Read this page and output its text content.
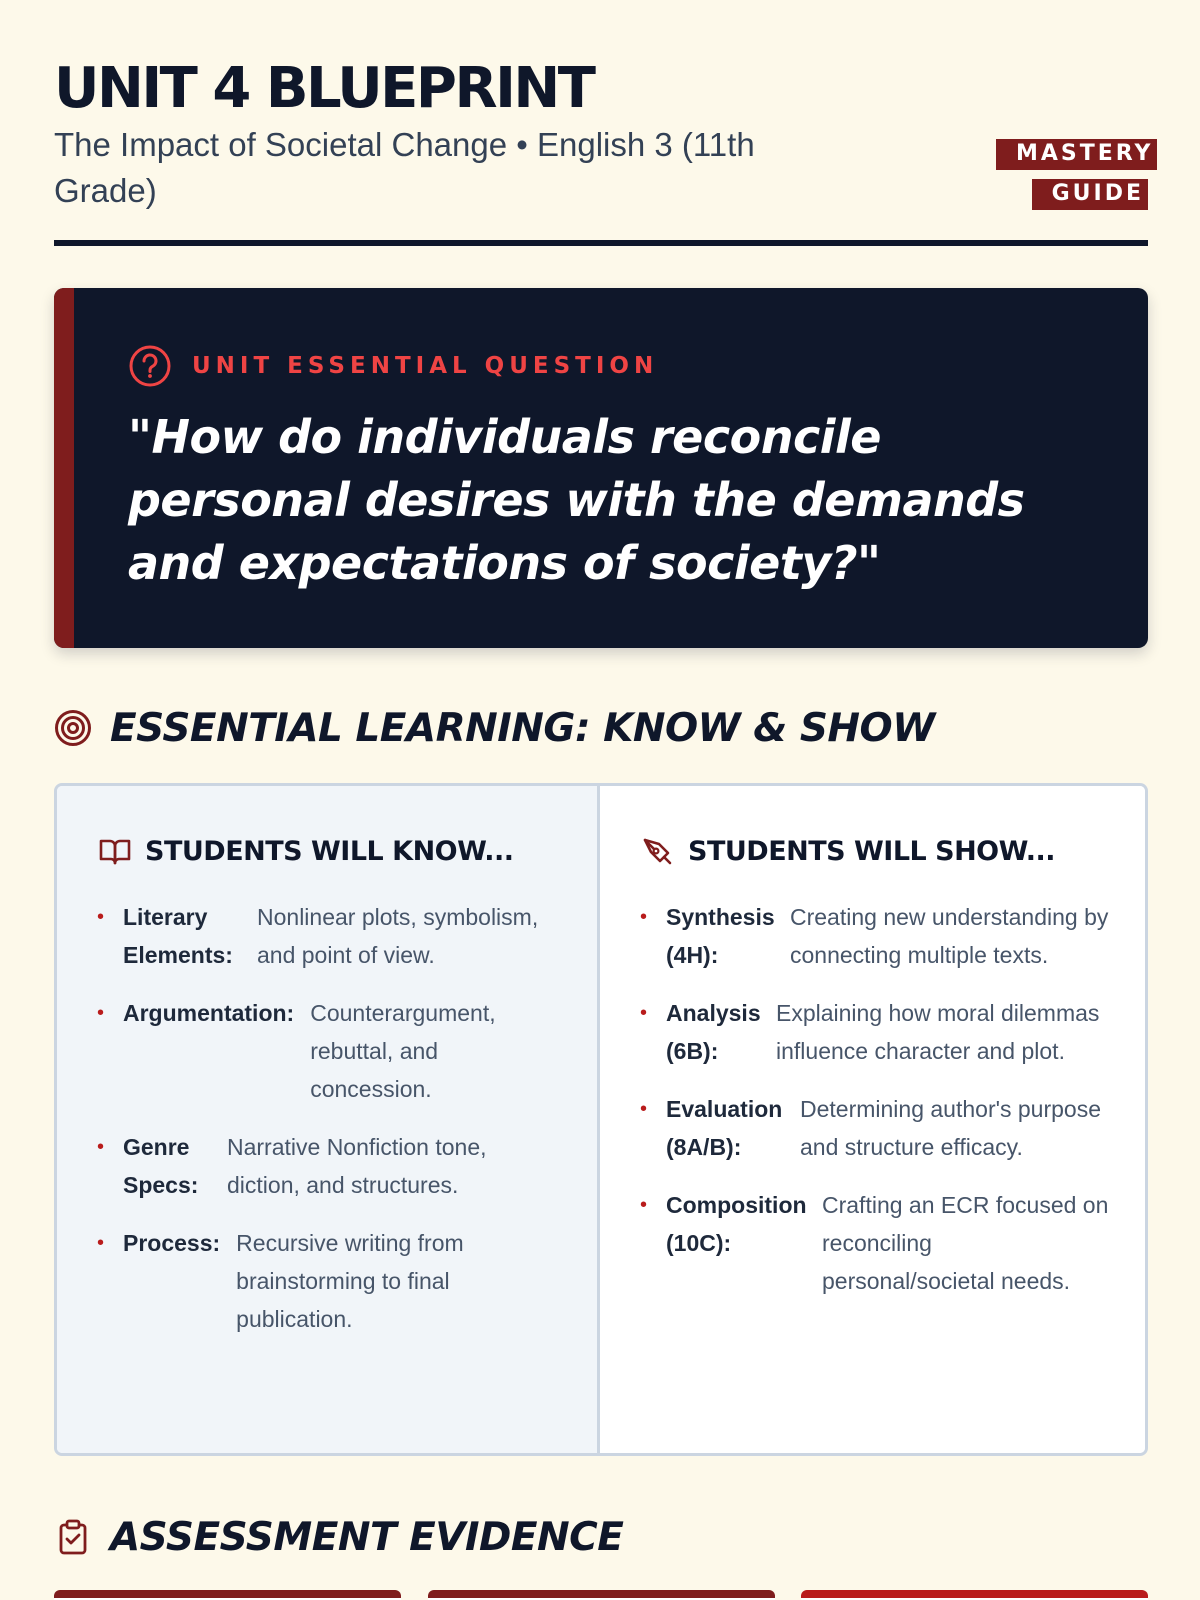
UNIT 4 BLUEPRINT
The Impact of Societal Change • English 3 (11th Grade)
MASTERY
GUIDE
UNIT ESSENTIAL QUESTION
"How do individuals reconcile personal desires with the demands and expectations of society?"
ESSENTIAL LEARNING: KNOW & SHOW
STUDENTS WILL KNOW...
• Literary Elements:
Nonlinear plots, symbolism, and point of view.
• Argumentation: Counterargument, rebuttal, and concession.
• Genre Specs:
Narrative Nonfiction tone, diction, and structures.
• Process: Recursive writing from brainstorming to final publication.
STUDENTS WILL SHOW...
• Synthesis (4H):
Creating new understanding by connecting multiple texts.
• Analysis (6B):
Explaining how moral dilemmas influence character and plot.
• Evaluation (8A/B):
Determining author's purpose and structure efficacy.
• Composition (10C):
Crafting an ECR focused on reconciling personal/societal needs.
ASSESSMENT EVIDENCE
